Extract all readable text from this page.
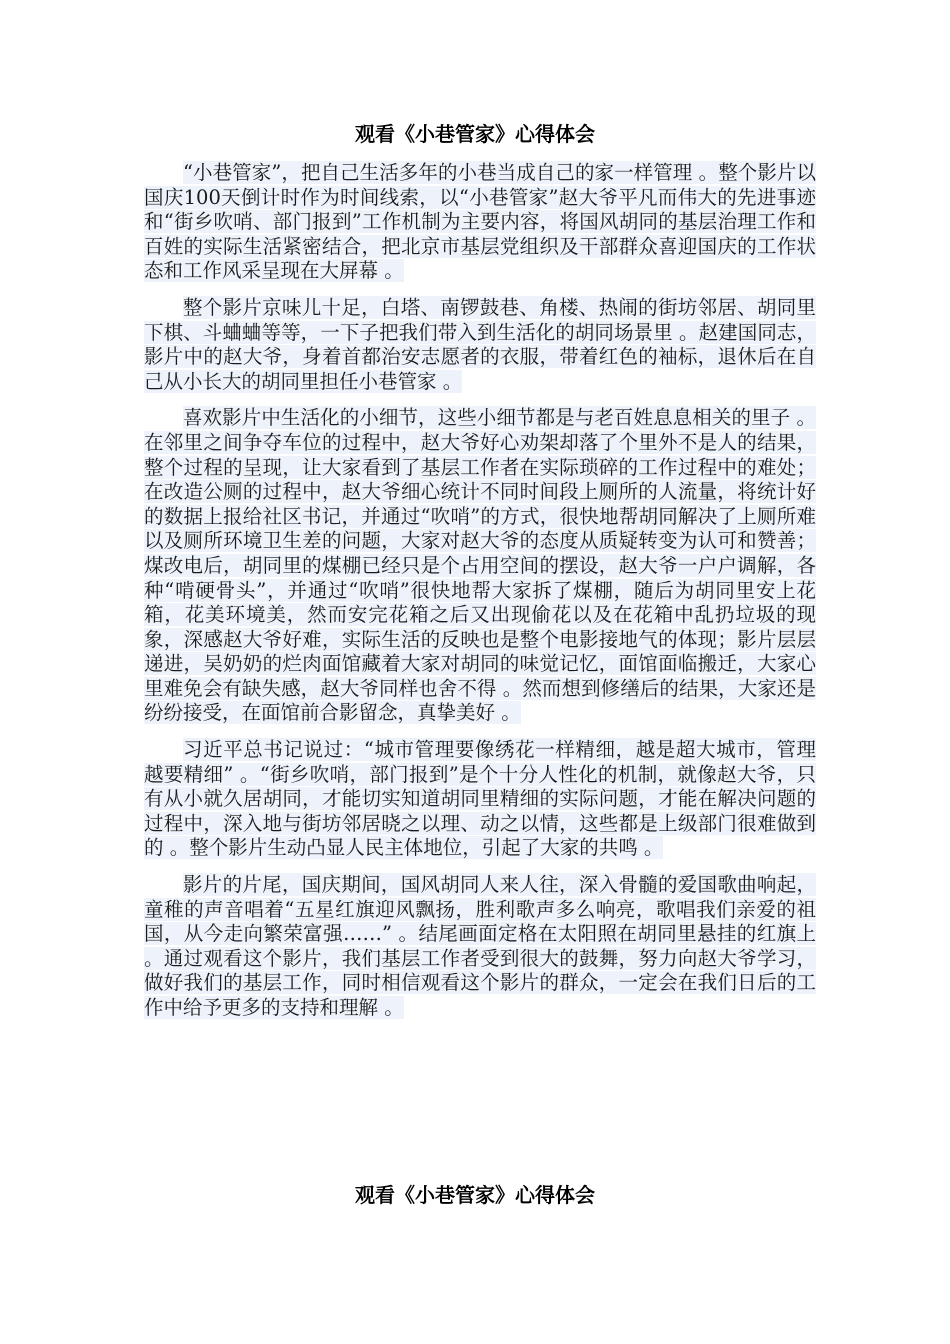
观看《小巷管家》心得体会

“小巷管家”，把自己生活多年的小巷当成自己的家一样管理 。整个影片以国庆100天倒计时作为时间线索，以“小巷管家”赵大爷平凡而伟大的先进事迹和“街乡吹哨、部门报到”工作机制为主要内容，将国风胡同的基层治理工作和百姓的实际生活紧密结合，把北京市基层党组织及干部群众喜迎国庆的工作状态和工作风采呈现在大屏幕 。

整个影片京味儿十足，白塔、南锣鼓巷、角楼、热闹的街坊邻居、胡同里下棋、斗蛐蛐等等，一下子把我们带入到生活化的胡同场景里 。赵建国同志，影片中的赵大爷，身着首都治安志愿者的衣服，带着红色的袖标，退休后在自己从小长大的胡同里担任小巷管家 。

喜欢影片中生活化的小细节，这些小细节都是与老百姓息息相关的里子 。在邻里之间争夺车位的过程中，赵大爷好心劝架却落了个里外不是人的结果，整个过程的呈现，让大家看到了基层工作者在实际琐碎的工作过程中的难处；在改造公厕的过程中，赵大爷细心统计不同时间段上厕所的人流量，将统计好的数据上报给社区书记，并通过“吹哨”的方式，很快地帮胡同解决了上厕所难以及厕所环境卫生差的问题，大家对赵大爷的态度从质疑转变为认可和赞善；煤改电后，胡同里的煤棚已经只是个占用空间的摆设，赵大爷一户户调解，各种“啃硬骨头”，并通过“吹哨”很快地帮大家拆了煤棚，随后为胡同里安上花箱，花美环境美，然而安完花箱之后又出现偷花以及在花箱中乱扔垃圾的现象，深感赵大爷好难，实际生活的反映也是整个电影接地气的体现；影片层层递进，吴奶奶的烂肉面馆藏着大家对胡同的味觉记忆，面馆面临搬迁，大家心里难免会有缺失感，赵大爷同样也舍不得 。然而想到修缮后的结果，大家还是纷纷接受，在面馆前合影留念，真挚美好 。

习近平总书记说过：“城市管理要像绣花一样精细，越是超大城市，管理越要精细” 。“街乡吹哨，部门报到”是个十分人性化的机制，就像赵大爷，只有从小就久居胡同，才能切实知道胡同里精细的实际问题，才能在解决问题的过程中，深入地与街坊邻居晓之以理、动之以情，这些都是上级部门很难做到的 。整个影片生动凸显人民主体地位，引起了大家的共鸣 。

影片的片尾，国庆期间，国风胡同人来人往，深入骨髓的爱国歌曲响起，童稚的声音唱着“五星红旗迎风飘扬，胜利歌声多么响亮，歌唱我们亲爱的祖国，从今走向繁荣富强……” 。结尾画面定格在太阳照在胡同里悬挂的红旗上 。通过观看这个影片，我们基层工作者受到很大的鼓舞，努力向赵大爷学习，做好我们的基层工作，同时相信观看这个影片的群众，一定会在我们日后的工作中给予更多的支持和理解 。

观看《小巷管家》心得体会
